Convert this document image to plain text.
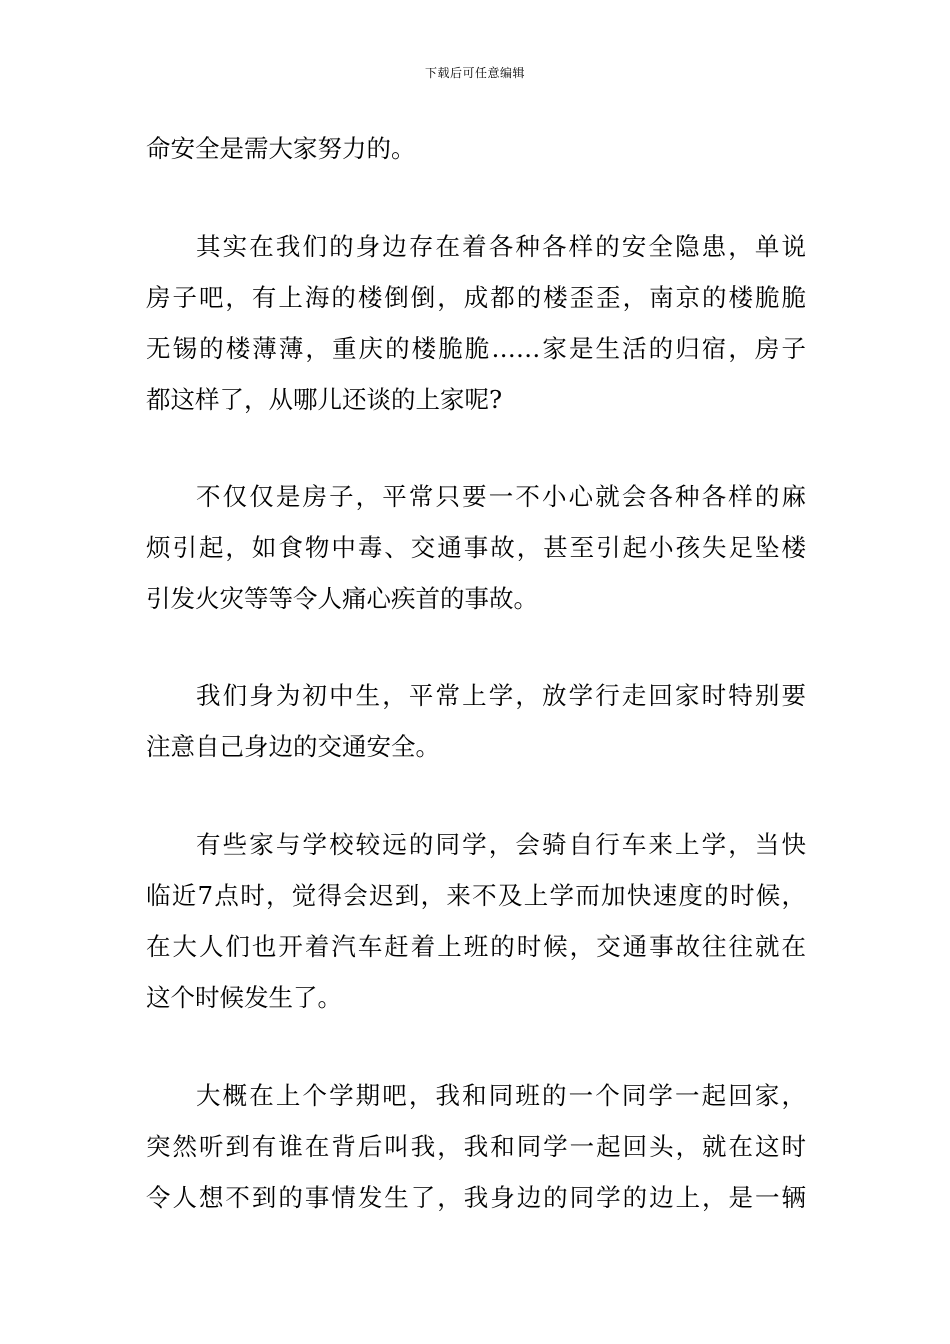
下载后可任意编辑
命安全是需大家努力的。
其实在我们的身边存在着各种各样的安全隐患，单说
房子吧，有上海的楼倒倒，成都的楼歪歪，南京的楼脆脆
无锡的楼薄薄，重庆的楼脆脆……家是生活的归宿，房子
都这样了，从哪儿还谈的上家呢?
不仅仅是房子，平常只要一不小心就会各种各样的麻
烦引起，如食物中毒、交通事故，甚至引起小孩失足坠楼
引发火灾等等令人痛心疾首的事故。
我们身为初中生，平常上学，放学行走回家时特别要
注意自己身边的交通安全。
有些家与学校较远的同学，会骑自行车来上学，当快
临近7点时，觉得会迟到，来不及上学而加快速度的时候，
在大人们也开着汽车赶着上班的时候，交通事故往往就在
这个时候发生了。
大概在上个学期吧，我和同班的一个同学一起回家，
突然听到有谁在背后叫我，我和同学一起回头，就在这时
令人想不到的事情发生了，我身边的同学的边上，是一辆
